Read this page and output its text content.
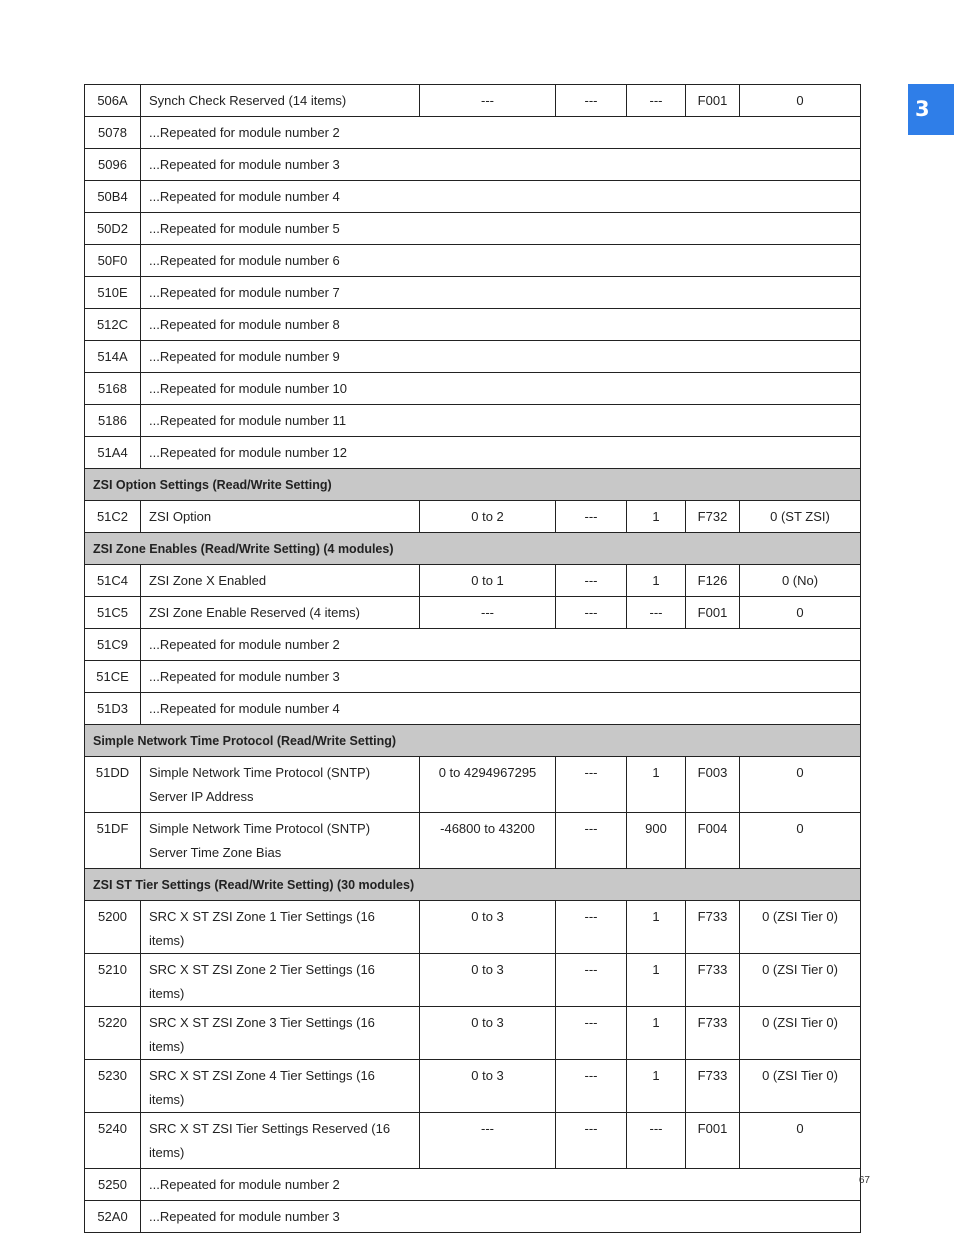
3
506A	Synch Check Reserved (14 items)	---	---	---	F001	0
5078	...Repeated for module number 2					
5096	...Repeated for module number 3					
50B4	...Repeated for module number 4					
50D2	...Repeated for module number 5					
50F0	...Repeated for module number 6					
510E	...Repeated for module number 7					
512C	...Repeated for module number 8					
514A	...Repeated for module number 9					
5168	...Repeated for module number 10					
5186	...Repeated for module number 11					
51A4	...Repeated for module number 12					
ZSI Option Settings (Read/Write Setting)						
51C2	ZSI Option	0 to 2	---	1	F732	0 (ST ZSI)
ZSI Zone Enables (Read/Write Setting) (4 modules)						
51C4	ZSI Zone X Enabled	0 to 1	---	1	F126	0 (No)
51C5	ZSI Zone Enable Reserved (4 items)	---	---	---	F001	0
51C9	...Repeated for module number 2					
51CE	...Repeated for module number 3					
51D3	...Repeated for module number 4					
Simple Network Time Protocol (Read/Write Setting)						
51DD	Simple Network Time Protocol (SNTP) Server IP Address	0 to 4294967295	---	1	F003	0
51DF	Simple Network Time Protocol (SNTP) Server Time Zone Bias	-46800 to 43200	---	900	F004	0
ZSI ST Tier Settings (Read/Write Setting) (30 modules)						
5200	SRC X ST ZSI Zone 1 Tier Settings (16 items)	0 to 3	---	1	F733	0 (ZSI Tier 0)
5210	SRC X ST ZSI Zone 2 Tier Settings (16 items)	0 to 3	---	1	F733	0 (ZSI Tier 0)
5220	SRC X ST ZSI Zone 3 Tier Settings (16 items)	0 to 3	---	1	F733	0 (ZSI Tier 0)
5230	SRC X ST ZSI Zone 4 Tier Settings (16 items)	0 to 3	---	1	F733	0 (ZSI Tier 0)
5240	SRC X ST ZSI Tier Settings Reserved (16 items)	---	---	---	F001	0
5250	...Repeated for module number 2					
52A0	...Repeated for module number 3					
67
